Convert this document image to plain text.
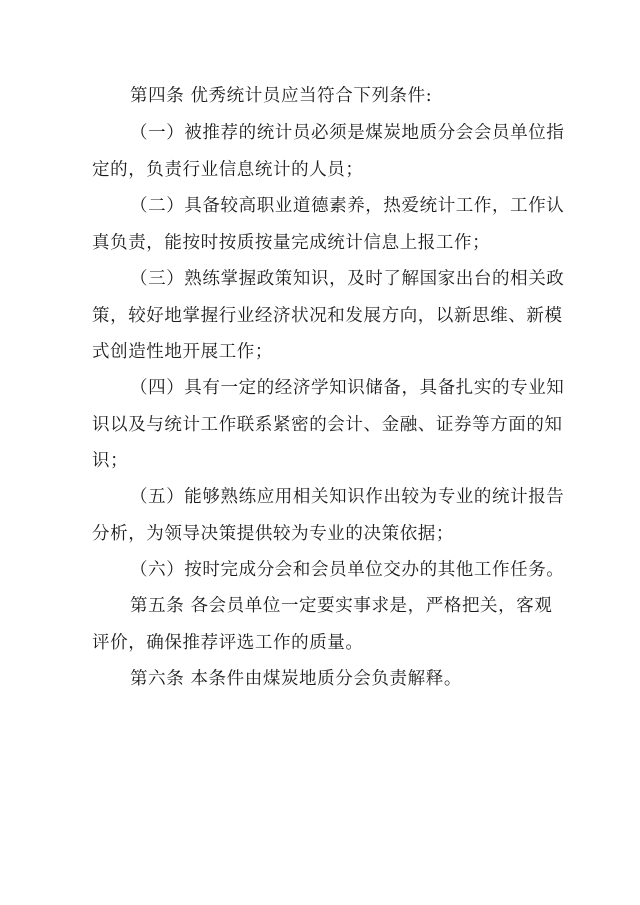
第四条 优秀统计员应当符合下列条件:

（一）被推荐的统计员必须是煤炭地质分会会员单位指
定的，负责行业信息统计的人员；

（二）具备较高职业道德素养，热爱统计工作，工作认
真负责，能按时按质按量完成统计信息上报工作；

（三）熟练掌握政策知识，及时了解国家出台的相关政
策，较好地掌握行业经济状况和发展方向，以新思维、新模
式创造性地开展工作；

（四）具有一定的经济学知识储备，具备扎实的专业知
识以及与统计工作联系紧密的会计、金融、证券等方面的知
识；

（五）能够熟练应用相关知识作出较为专业的统计报告
分析，为领导决策提供较为专业的决策依据；

（六）按时完成分会和会员单位交办的其他工作任务。

第五条 各会员单位一定要实事求是，严格把关，客观
评价，确保推荐评选工作的质量。

第六条 本条件由煤炭地质分会负责解释。
